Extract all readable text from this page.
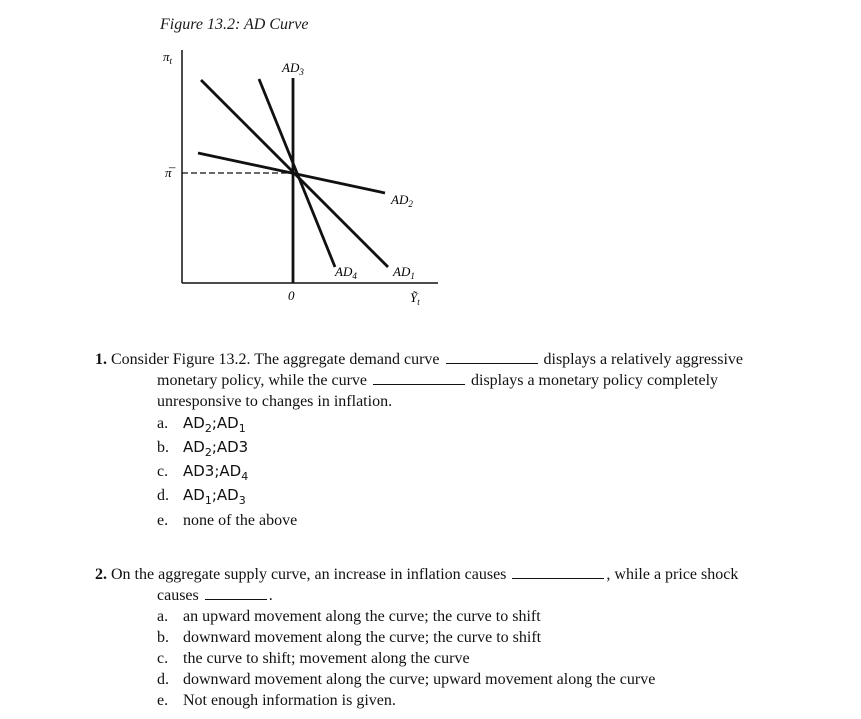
Figure 13.2: AD Curve
$\pi_t$
π̅
0	Ỹ$_t$
$AD_3$
$AD_2$
$AD_4$	$AD_1$
1. Consider Figure 13.2. The aggregate demand curve	displays a relatively aggressive
monetary policy, while the curve	displays a monetary policy completely
unresponsive to changes in inflation.
a. $AD_2;AD_1$
b. $AD_2;AD3$
c. $AD3;AD_4$
d. $AD_1;AD_3$
e. none of the above
2. On the aggregate supply curve, an increase in inflation causes	, while a price shock
causes	.
a. an upward movement along the curve; the curve to shift
b. downward movement along the curve; the curve to shift
c. the curve to shift; movement along the curve
d. downward movement along the curve; upward movement along the curve
e. Not enough information is given.
